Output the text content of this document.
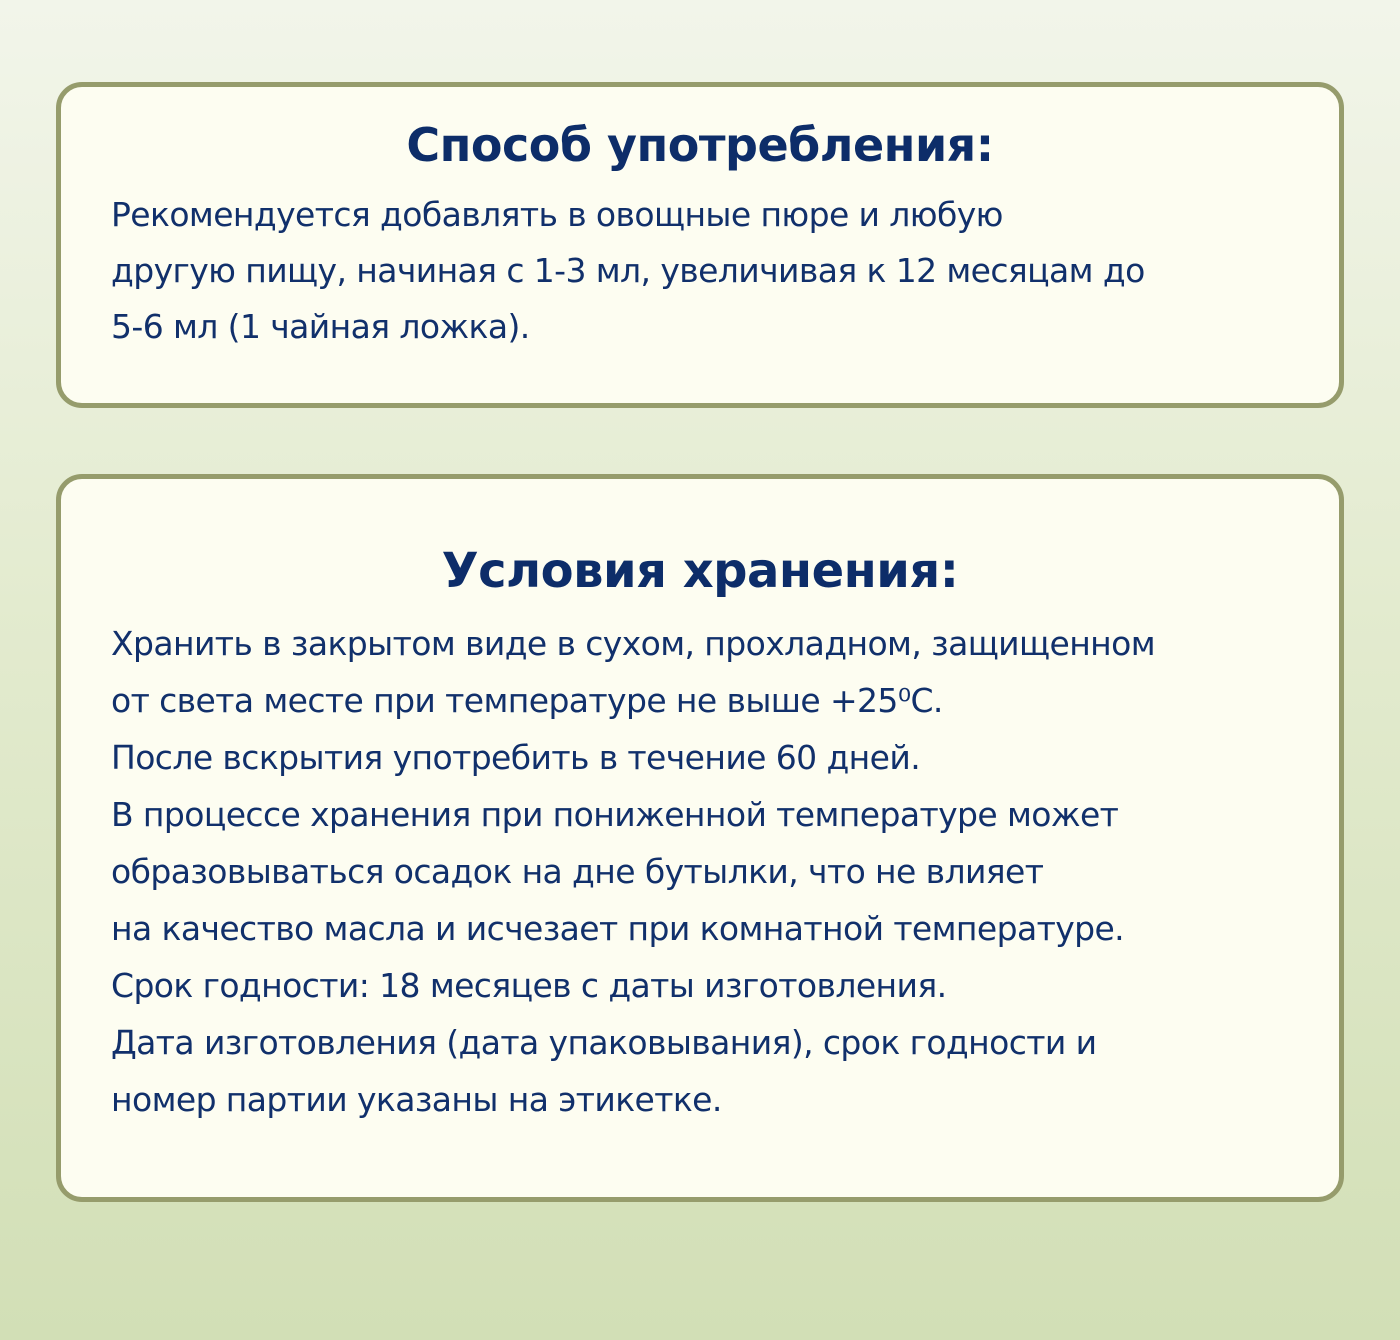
Способ употребления:
Рекомендуется добавлять в овощные пюре и любую
другую пищу, начиная с 1-3 мл, увеличивая к 12 месяцам до
5-6 мл (1 чайная ложка).
Условия хранения:
Хранить в закрытом виде в сухом, прохладном, защищенном
от света месте при температуре не выше +25⁰С.
После вскрытия употребить в течение 60 дней.
В процессе хранения при пониженной температуре может
образовываться осадок на дне бутылки, что не влияет
на качество масла и исчезает при комнатной температуре.
Срок годности: 18 месяцев с даты изготовления.
Дата изготовления (дата упаковывания), срок годности и
номер партии указаны на этикетке.
